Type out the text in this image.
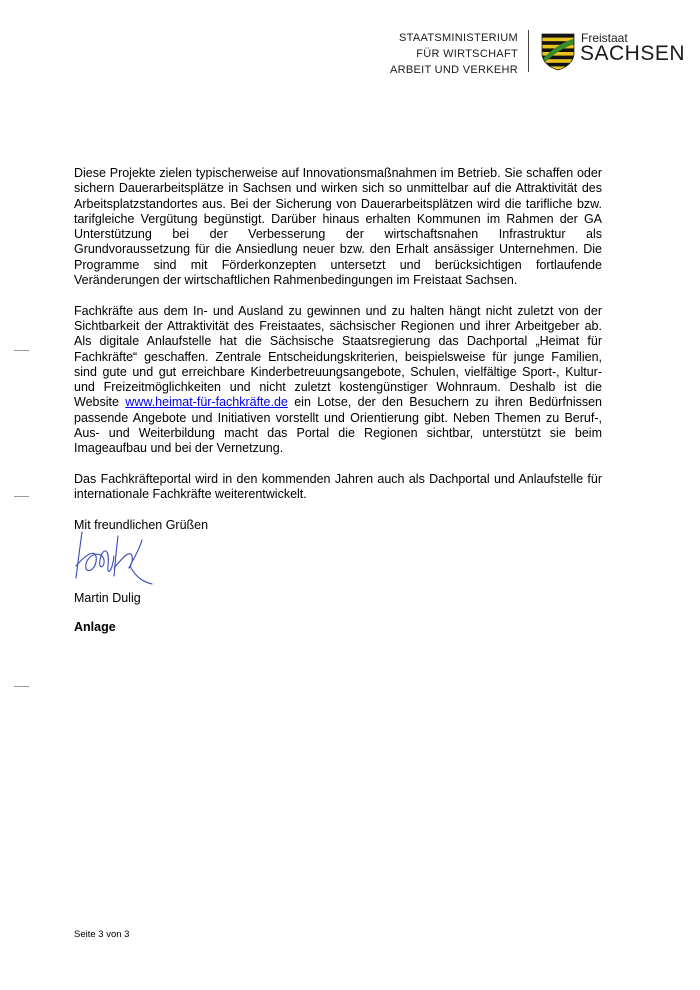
STAATSMINISTERIUM
FÜR WIRTSCHAFT
ARBEIT UND VERKEHR
Freistaat
SACHSEN

Diese Projekte zielen typischerweise auf Innovationsmaßnahmen im Betrieb. Sie schaffen oder sichern Dauerarbeitsplätze in Sachsen und wirken sich so unmittelbar auf die Attraktivität des Arbeitsplatzstandortes aus. Bei der Sicherung von Dauerarbeitsplätzen wird die tarifliche bzw. tarifgleiche Vergütung begünstigt. Darüber hinaus erhalten Kommunen im Rahmen der GA Unterstützung bei der Verbesserung der wirtschaftsnahen Infrastruktur als Grundvoraussetzung für die Ansiedlung neuer bzw. den Erhalt ansässiger Unternehmen. Die Programme sind mit Förderkonzepten untersetzt und berücksichtigen fortlaufende Veränderungen der wirtschaftlichen Rahmenbedingungen im Freistaat Sachsen.

Fachkräfte aus dem In- und Ausland zu gewinnen und zu halten hängt nicht zuletzt von der Sichtbarkeit der Attraktivität des Freistaates, sächsischer Regionen und ihrer Arbeitgeber ab. Als digitale Anlaufstelle hat die Sächsische Staatsregierung das Dachportal „Heimat für Fachkräfte“ geschaffen. Zentrale Entscheidungskriterien, beispielsweise für junge Familien, sind gute und gut erreichbare Kinderbetreuungsangebote, Schulen, vielfältige Sport-, Kultur- und Freizeitmöglichkeiten und nicht zuletzt kostengünstiger Wohnraum. Deshalb ist die Website www.heimat-für-fachkräfte.de ein Lotse, der den Besuchern zu ihren Bedürfnissen passende Angebote und Initiativen vorstellt und Orientierung gibt. Neben Themen zu Beruf-, Aus- und Weiterbildung macht das Portal die Regionen sichtbar, unterstützt sie beim Imageaufbau und bei der Vernetzung.

Das Fachkräfteportal wird in den kommenden Jahren auch als Dachportal und Anlaufstelle für internationale Fachkräfte weiterentwickelt.

Mit freundlichen Grüßen
Martin Dulig
Anlage
Seite 3 von 3
